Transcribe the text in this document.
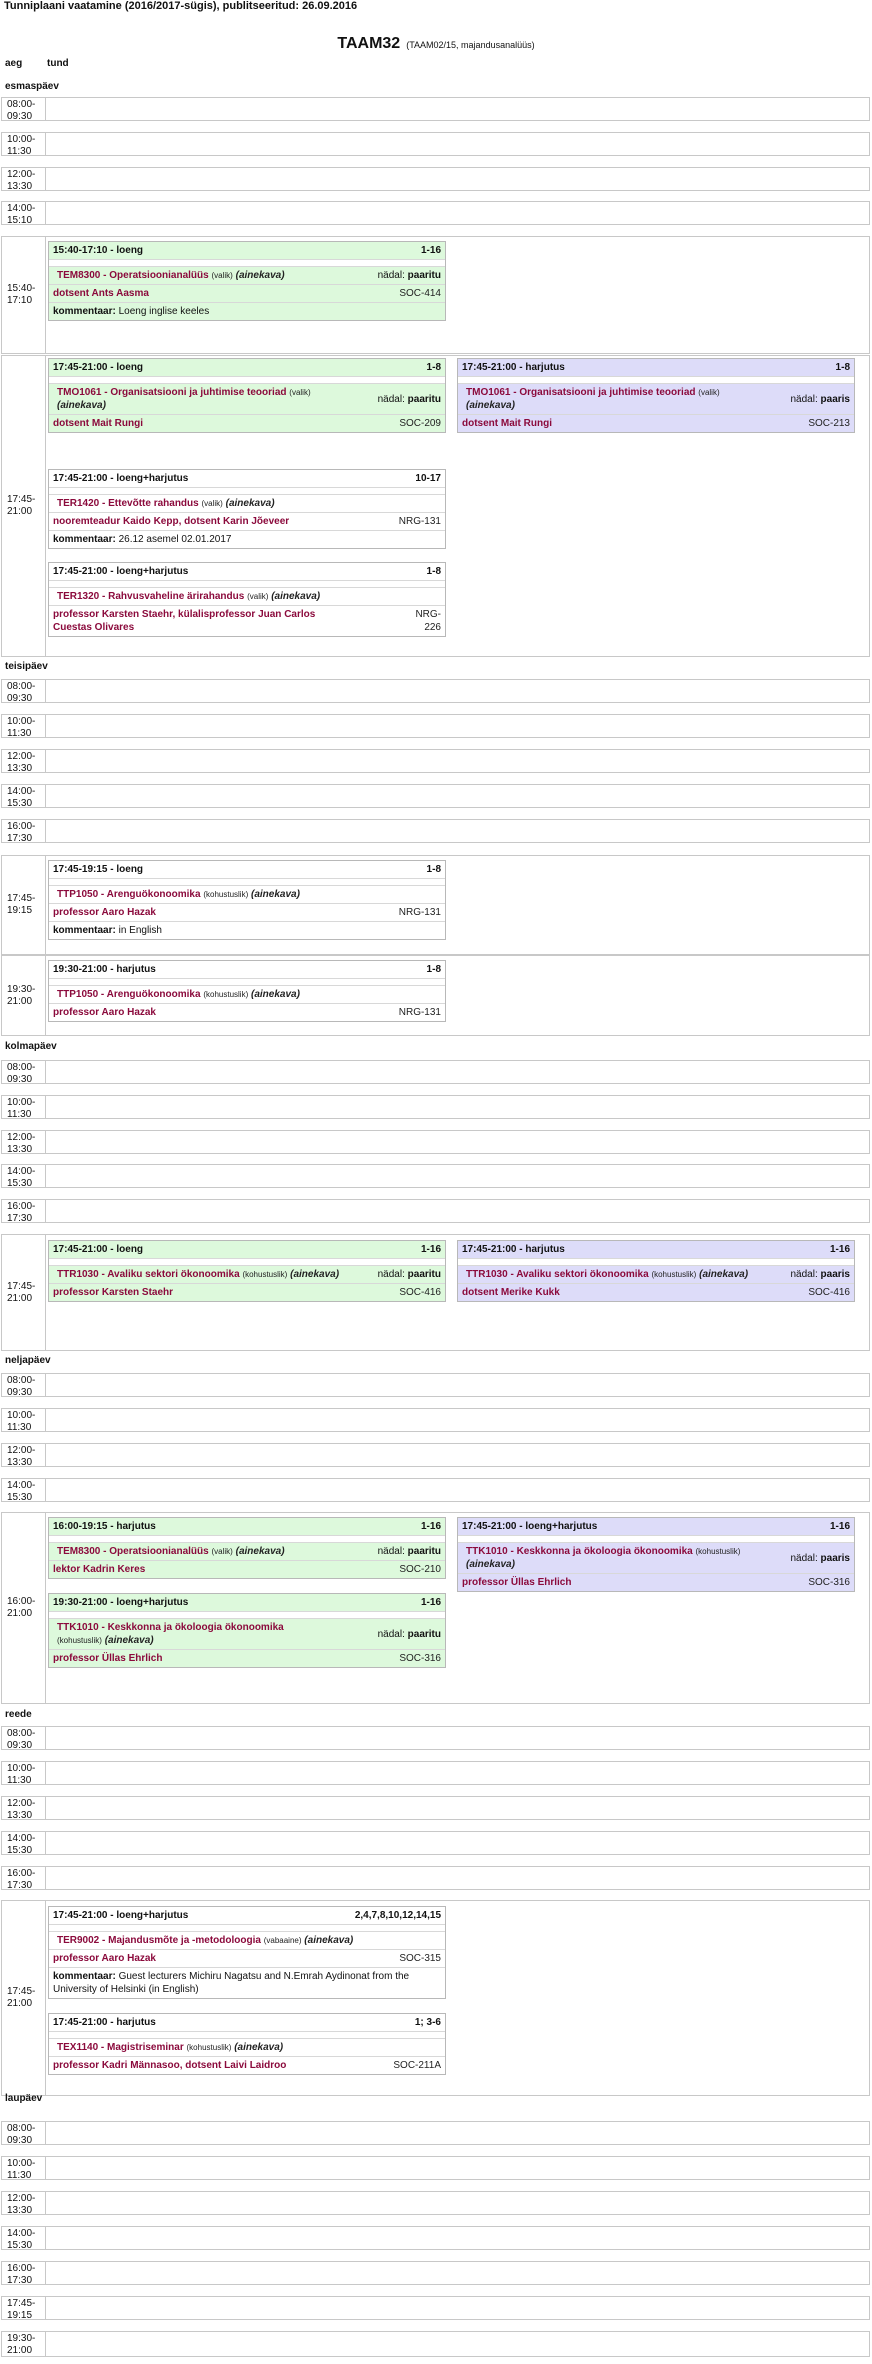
Tunniplaani vaatamine (2016/2017-sügis), publitseeritud: 26.09.2016
TAAM32 (TAAM02/15, majandusanalüüs)
aeg tund
esmaspäev
08:00-
09:30
10:00-
11:30
12:00-
13:30
14:00-
15:10
15:40-
17:10
15:40-17:10 - loeng	1-16
TEM8300 - Operatsioonianalüüs (valik) (ainekava)	nädal: paaritu
dotsent Ants Aasma	SOC-414
kommentaar: Loeng inglise keeles
17:45-
21:00
17:45-21:00 - loeng	1-8
TMO1061 - Organisatsiooni ja juhtimise teooriad (valik) (ainekava)
nädal: paaritu
dotsent Mait Rungi	SOC-209
17:45-21:00 - harjutus	1-8
TMO1061 - Organisatsiooni ja juhtimise teooriad (valik) (ainekava)
nädal: paaris
dotsent Mait Rungi	SOC-213
17:45-21:00 - loeng+harjutus	10-17
TER1420 - Ettevõtte rahandus (valik) (ainekava)
nooremteadur Kaido Kepp, dotsent Karin Jõeveer	NRG-131
kommentaar: 26.12 asemel 02.01.2017
17:45-21:00 - loeng+harjutus	1-8
TER1320 - Rahvusvaheline ärirahandus (valik) (ainekava)
professor Karsten Staehr, külalisprofessor Juan Carlos Cuestas Olivares
NRG-226
teisipäev
08:00-
09:30
10:00-
11:30
12:00-
13:30
14:00-
15:30
16:00-
17:30
17:45-
19:15
17:45-19:15 - loeng	1-8
TTP1050 - Arenguökonoomika (kohustuslik) (ainekava)
professor Aaro Hazak	NRG-131
kommentaar: in English
19:30-
21:00
19:30-21:00 - harjutus	1-8
TTP1050 - Arenguökonoomika (kohustuslik) (ainekava)
professor Aaro Hazak	NRG-131
kolmapäev
08:00-
09:30
10:00-
11:30
12:00-
13:30
14:00-
15:30
16:00-
17:30
17:45-
21:00
17:45-21:00 - loeng	1-16
TTR1030 - Avaliku sektori ökonoomika (kohustuslik) (ainekava)	nädal: paaritu
professor Karsten Staehr	SOC-416
17:45-21:00 - harjutus	1-16
TTR1030 - Avaliku sektori ökonoomika (kohustuslik) (ainekava)	nädal: paaris
dotsent Merike Kukk	SOC-416
neljapäev
08:00-
09:30
10:00-
11:30
12:00-
13:30
14:00-
15:30
16:00-
21:00
16:00-19:15 - harjutus	1-16
TEM8300 - Operatsioonianalüüs (valik) (ainekava)	nädal: paaritu
lektor Kadrin Keres	SOC-210
19:30-21:00 - loeng+harjutus	1-16
TTK1010 - Keskkonna ja ökoloogia ökonoomika (kohustuslik) (ainekava)
nädal: paaritu
professor Üllas Ehrlich	SOC-316
17:45-21:00 - loeng+harjutus	1-16
TTK1010 - Keskkonna ja ökoloogia ökonoomika (kohustuslik) (ainekava)
nädal: paaris
professor Üllas Ehrlich	SOC-316
reede
08:00-
09:30
10:00-
11:30
12:00-
13:30
14:00-
15:30
16:00-
17:30
17:45-
21:00
17:45-21:00 - loeng+harjutus	2,4,7,8,10,12,14,15
TER9002 - Majandusmõte ja -metodoloogia (vabaaine) (ainekava)
professor Aaro Hazak	SOC-315
kommentaar: Guest lecturers Michiru Nagatsu and N.Emrah Aydinonat from the University of Helsinki (in English)
17:45-21:00 - harjutus	1; 3-6
TEX1140 - Magistriseminar (kohustuslik) (ainekava)
professor Kadri Männasoo, dotsent Laivi Laidroo	SOC-211A
laupäev
08:00-
09:30
10:00-
11:30
12:00-
13:30
14:00-
15:30
16:00-
17:30
17:45-
19:15
19:30-
21:00
